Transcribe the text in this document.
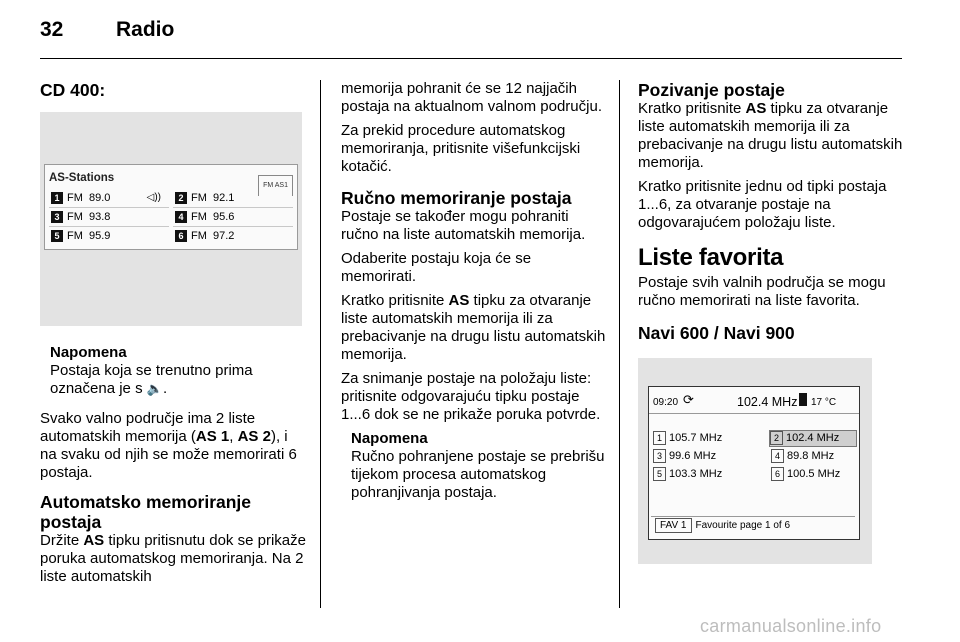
32	Radio
CD 400:
AS-Stations
FM AS1
1 FM 89.0	◁))	2 FM 92.1
3 FM 93.8	4 FM 95.6
5 FM 95.9	6 FM 97.2
Napomena
Postaja koja se trenutno prima
označena je s 🔈.

Svako valno područje ima 2 liste automatskih memorija (AS 1, AS 2), i na svaku od njih se može memorirati 6 postaja.

Automatsko memoriranje postaja

Držite AS tipku pritisnutu dok se prikaže poruka automatskog memoriranja. Na 2 liste automatskih

memorija pohranit će se 12 najjačih postaja na aktualnom valnom području.

Za prekid procedure automatskog memoriranja, pritisnite višefunkcijski kotačić.

Ručno memoriranje postaja

Postaje se također mogu pohraniti ručno na liste automatskih memorija.

Odaberite postaju koja će se memorirati.

Kratko pritisnite AS tipku za otvaranje liste automatskih memorija ili za prebacivanje na drugu listu automatskih memorija.

Za snimanje postaje na položaju liste: pritisnite odgovarajuću tipku postaje 1...6 dok se ne prikaže poruka potvrde.

Napomena
Ručno pohranjene postaje se prebrišu tijekom procesa automatskog pohranjivanja postaja.
Pozivanje postaje

Kratko pritisnite AS tipku za otvaranje liste automatskih memorija ili za prebacivanje na drugu listu automatskih memorija.

Kratko pritisnite jednu od tipki postaja 1...6, za otvaranje postaje na odgovarajućem položaju liste.

Liste favorita

Postaje svih valnih područja se mogu ručno memorirati na liste favorita.

Navi 600 / Navi 900
09:20 ⟳	102.4 MHz 17 °C
1 105.7 MHz	2 102.4 MHz
3 99.6 MHz	4 89.8 MHz
5 103.3 MHz	6 100.5 MHz
FAV 1 Favourite page 1 of 6
carmanualsonline.info
